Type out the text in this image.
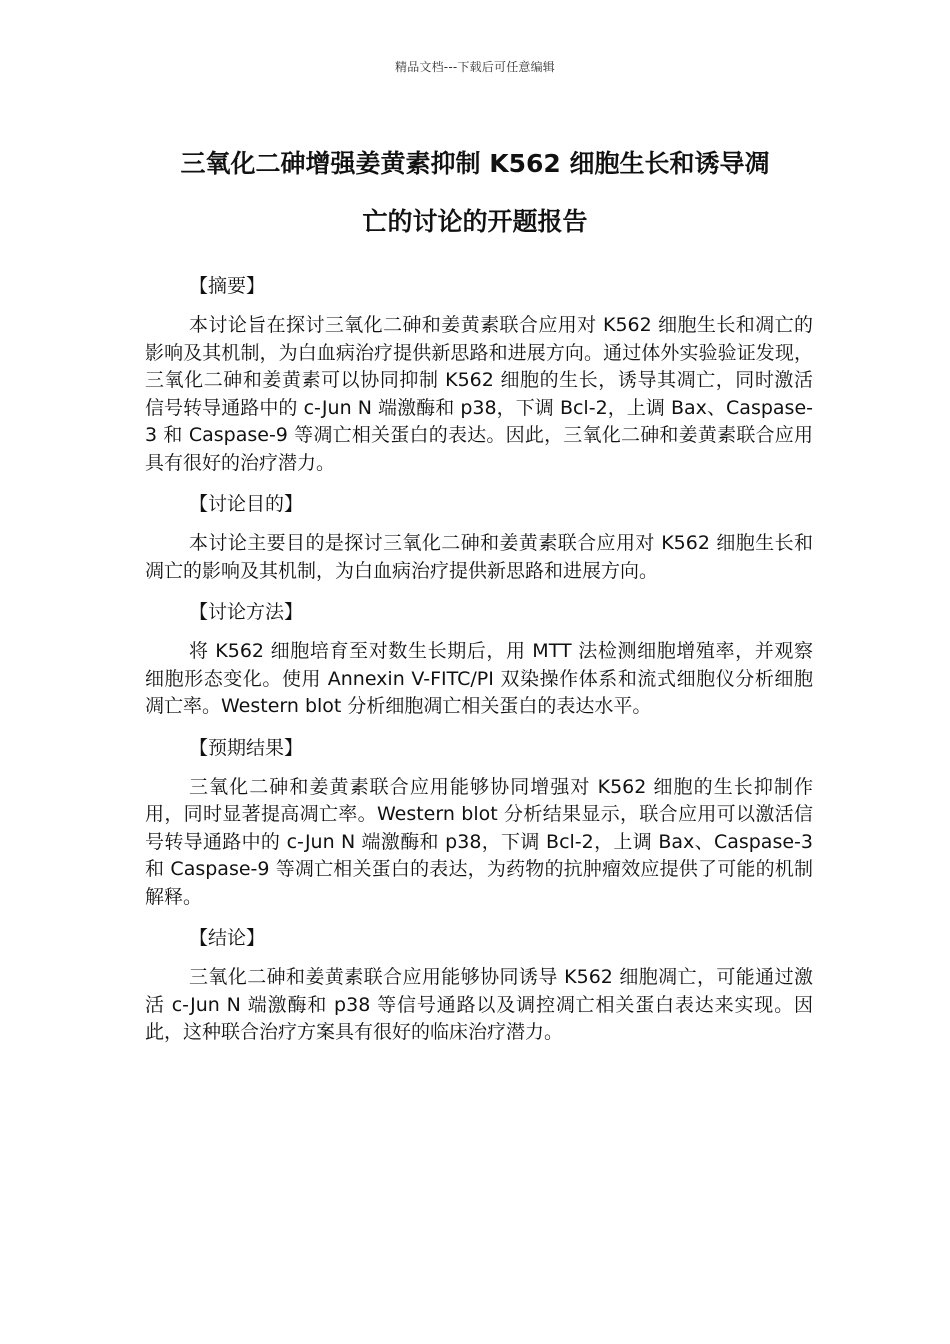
精品文档---下载后可任意编辑
三氧化二砷增强姜黄素抑制 K562 细胞生长和诱导凋
亡的讨论的开题报告

【摘要】

本讨论旨在探讨三氧化二砷和姜黄素联合应用对 K562 细胞生长和凋亡的影响及其机制，为白血病治疗提供新思路和进展方向。通过体外实验验证发现，三氧化二砷和姜黄素可以协同抑制 K562 细胞的生长，诱导其凋亡，同时激活信号转导通路中的 c-Jun N 端激酶和 p38，下调 Bcl-2，上调 Bax、Caspase-3 和 Caspase-9 等凋亡相关蛋白的表达。因此，三氧化二砷和姜黄素联合应用具有很好的治疗潜力。

【讨论目的】

本讨论主要目的是探讨三氧化二砷和姜黄素联合应用对 K562 细胞生长和凋亡的影响及其机制，为白血病治疗提供新思路和进展方向。

【讨论方法】

将 K562 细胞培育至对数生长期后，用 MTT 法检测细胞增殖率，并观察细胞形态变化。使用 Annexin V-FITC/PI 双染操作体系和流式细胞仪分析细胞凋亡率。Western blot 分析细胞凋亡相关蛋白的表达水平。

【预期结果】

三氧化二砷和姜黄素联合应用能够协同增强对 K562 细胞的生长抑制作用，同时显著提高凋亡率。Western blot 分析结果显示，联合应用可以激活信号转导通路中的 c-Jun N 端激酶和 p38，下调 Bcl-2，上调 Bax、Caspase-3 和 Caspase-9 等凋亡相关蛋白的表达，为药物的抗肿瘤效应提供了可能的机制解释。

【结论】

三氧化二砷和姜黄素联合应用能够协同诱导 K562 细胞凋亡，可能通过激活 c-Jun N 端激酶和 p38 等信号通路以及调控凋亡相关蛋白表达来实现。因此，这种联合治疗方案具有很好的临床治疗潜力。
